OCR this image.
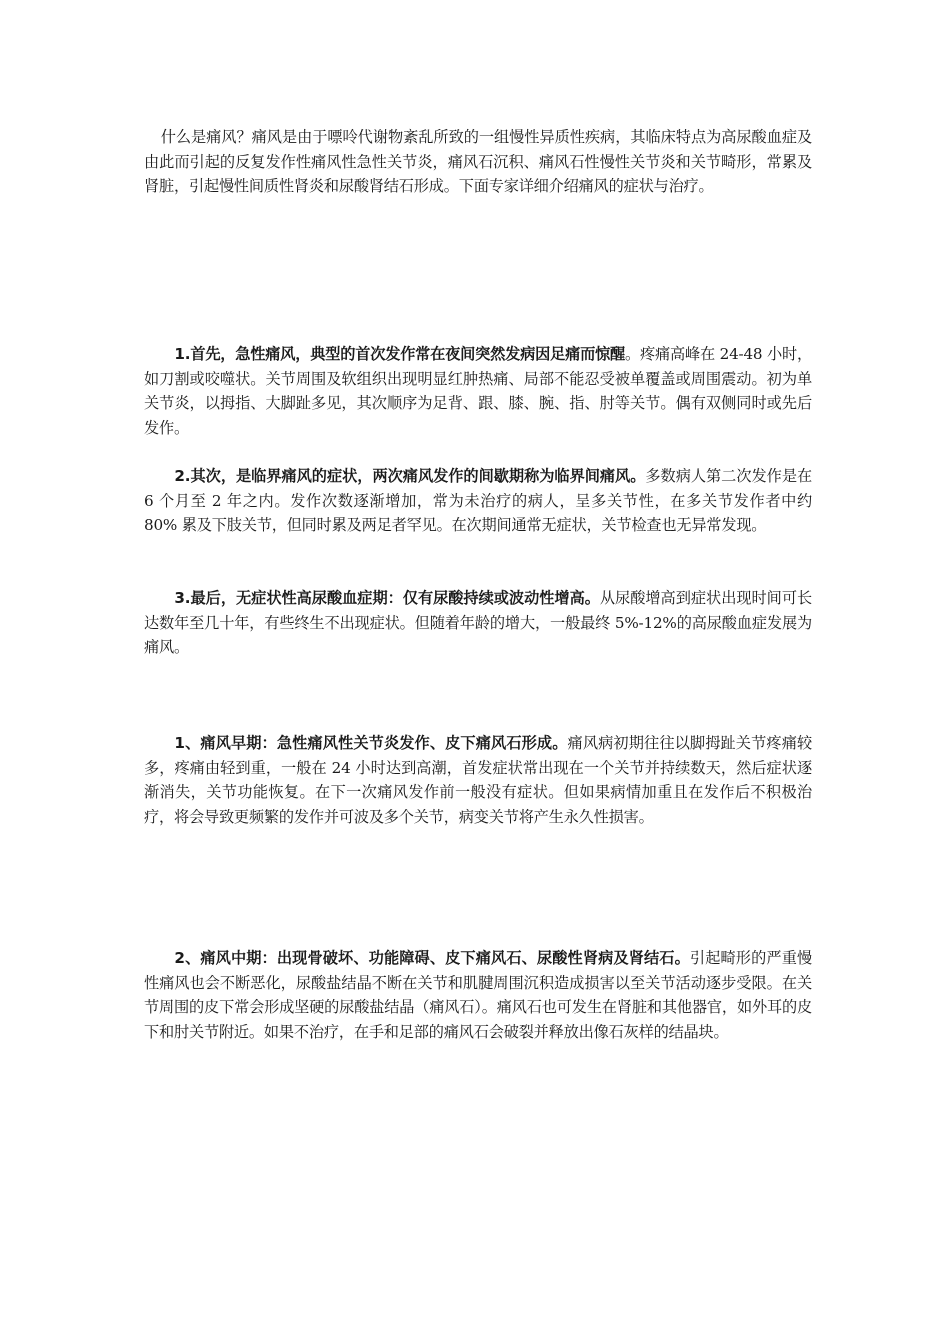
什么是痛风？痛风是由于嘌呤代谢物紊乱所致的一组慢性异质性疾病，其临床特点为高尿酸血症及由此而引起的反复发作性痛风性急性关节炎，痛风石沉积、痛风石性慢性关节炎和关节畸形，常累及肾脏，引起慢性间质性肾炎和尿酸肾结石形成。下面专家详细介绍痛风的症状与治疗。

1.首先，急性痛风，典型的首次发作常在夜间突然发病因足痛而惊醒。疼痛高峰在 24-48 小时，如刀割或咬噬状。关节周围及软组织出现明显红肿热痛、局部不能忍受被单覆盖或周围震动。初为单关节炎，以拇指、大脚趾多见，其次顺序为足背、跟、膝、腕、指、肘等关节。偶有双侧同时或先后发作。

2.其次，是临界痛风的症状，两次痛风发作的间歇期称为临界间痛风。多数病人第二次发作是在 6 个月至 2 年之内。发作次数逐渐增加，常为未治疗的病人，呈多关节性，在多关节发作者中约 80% 累及下肢关节，但同时累及两足者罕见。在次期间通常无症状，关节检查也无异常发现。

3.最后，无症状性高尿酸血症期：仅有尿酸持续或波动性增高。从尿酸增高到症状出现时间可长达数年至几十年，有些终生不出现症状。但随着年龄的增大，一般最终 5%-12%的高尿酸血症发展为痛风。

1、痛风早期：急性痛风性关节炎发作、皮下痛风石形成。痛风病初期往往以脚拇趾关节疼痛较多，疼痛由轻到重，一般在 24 小时达到高潮，首发症状常出现在一个关节并持续数天，然后症状逐渐消失，关节功能恢复。在下一次痛风发作前一般没有症状。但如果病情加重且在发作后不积极治疗，将会导致更频繁的发作并可波及多个关节，病变关节将产生永久性损害。

2、痛风中期：出现骨破坏、功能障碍、皮下痛风石、尿酸性肾病及肾结石。引起畸形的严重慢性痛风也会不断恶化，尿酸盐结晶不断在关节和肌腱周围沉积造成损害以至关节活动逐步受限。在关节周围的皮下常会形成坚硬的尿酸盐结晶（痛风石）。痛风石也可发生在肾脏和其他器官，如外耳的皮下和肘关节附近。如果不治疗，在手和足部的痛风石会破裂并释放出像石灰样的结晶块。
